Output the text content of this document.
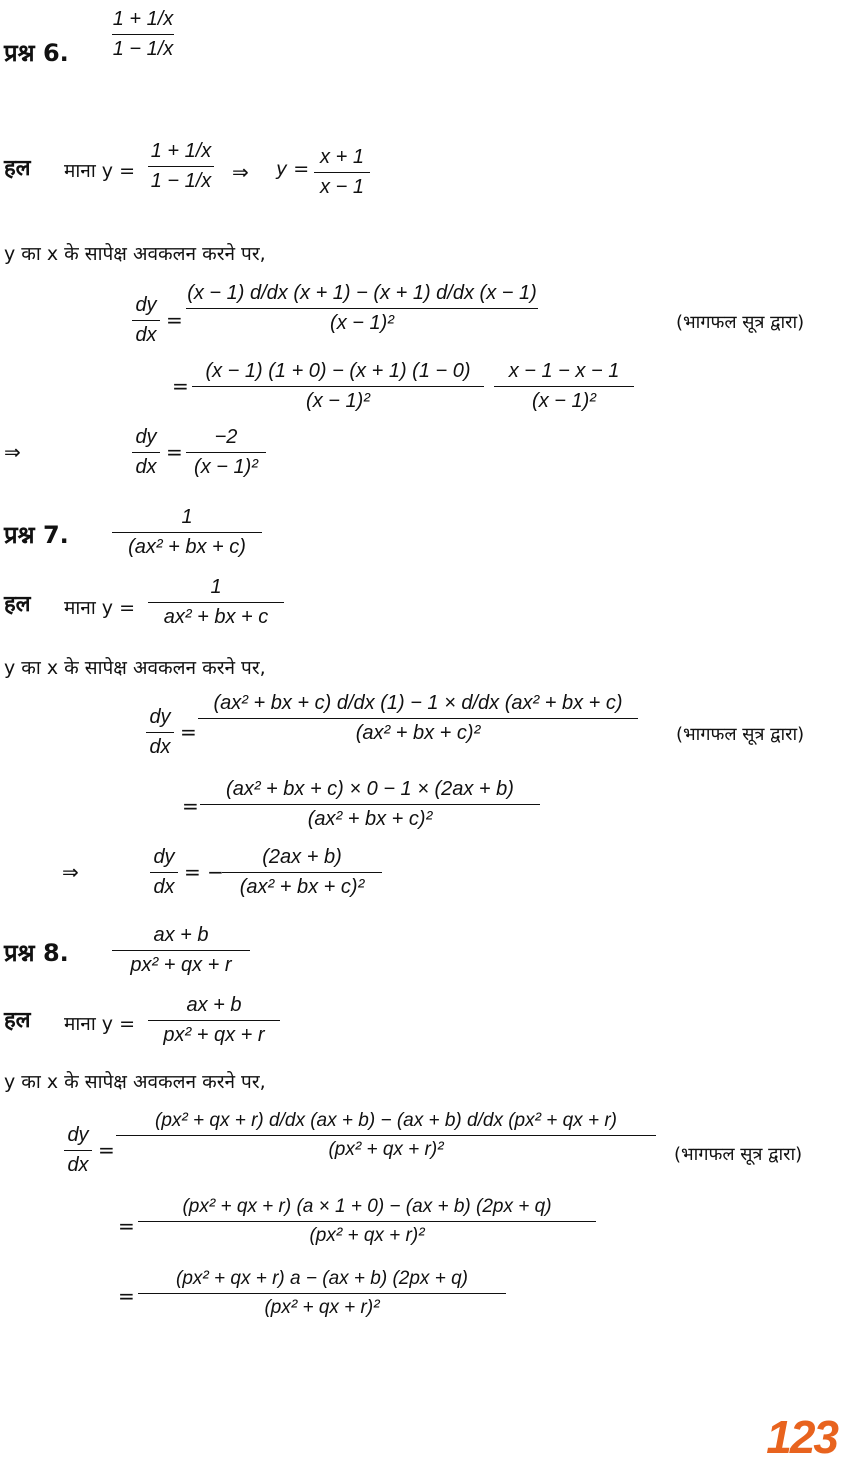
प्रश्न 6.
1 + 1/x
1 − 1/x
हल माना y =
1 + 1/x
1 − 1/x ⇒ y =
x + 1
x − 1
y का x के सापेक्ष अवकलन करने पर,
dy
dx
=
(x − 1) d/dx (x + 1) − (x + 1) d/dx (x − 1)
(x − 1)²	(भागफल सूत्र द्वारा)
=
(x − 1) (1 + 0) − (x + 1) (1 − 0)
(x − 1)²
x − 1 − x − 1
(x − 1)²
⇒
dy
dx
=
−2
(x − 1)²
प्रश्न 7.
1
(ax² + bx + c)
हल माना y =
1
ax² + bx + c
y का x के सापेक्ष अवकलन करने पर,
dy
dx
=
(ax² + bx + c) d/dx (1) − 1 × d/dx (ax² + bx + c)
(ax² + bx + c)²	(भागफल सूत्र द्वारा)
=
(ax² + bx + c) × 0 − 1 × (2ax + b)
(ax² + bx + c)²
⇒
dy
dx
= −
(2ax + b)
(ax² + bx + c)²
प्रश्न 8.
ax + b
px² + qx + r
हल माना y =
ax + b
px² + qx + r
y का x के सापेक्ष अवकलन करने पर,
dy
dx
=
(px² + qx + r) d/dx (ax + b) − (ax + b) d/dx (px² + qx + r)
(px² + qx + r)²	(भागफल सूत्र द्वारा)
=
(px² + qx + r) (a × 1 + 0) − (ax + b) (2px + q)
(px² + qx + r)²
=
(px² + qx + r) a − (ax + b) (2px + q)
(px² + qx + r)²
123
